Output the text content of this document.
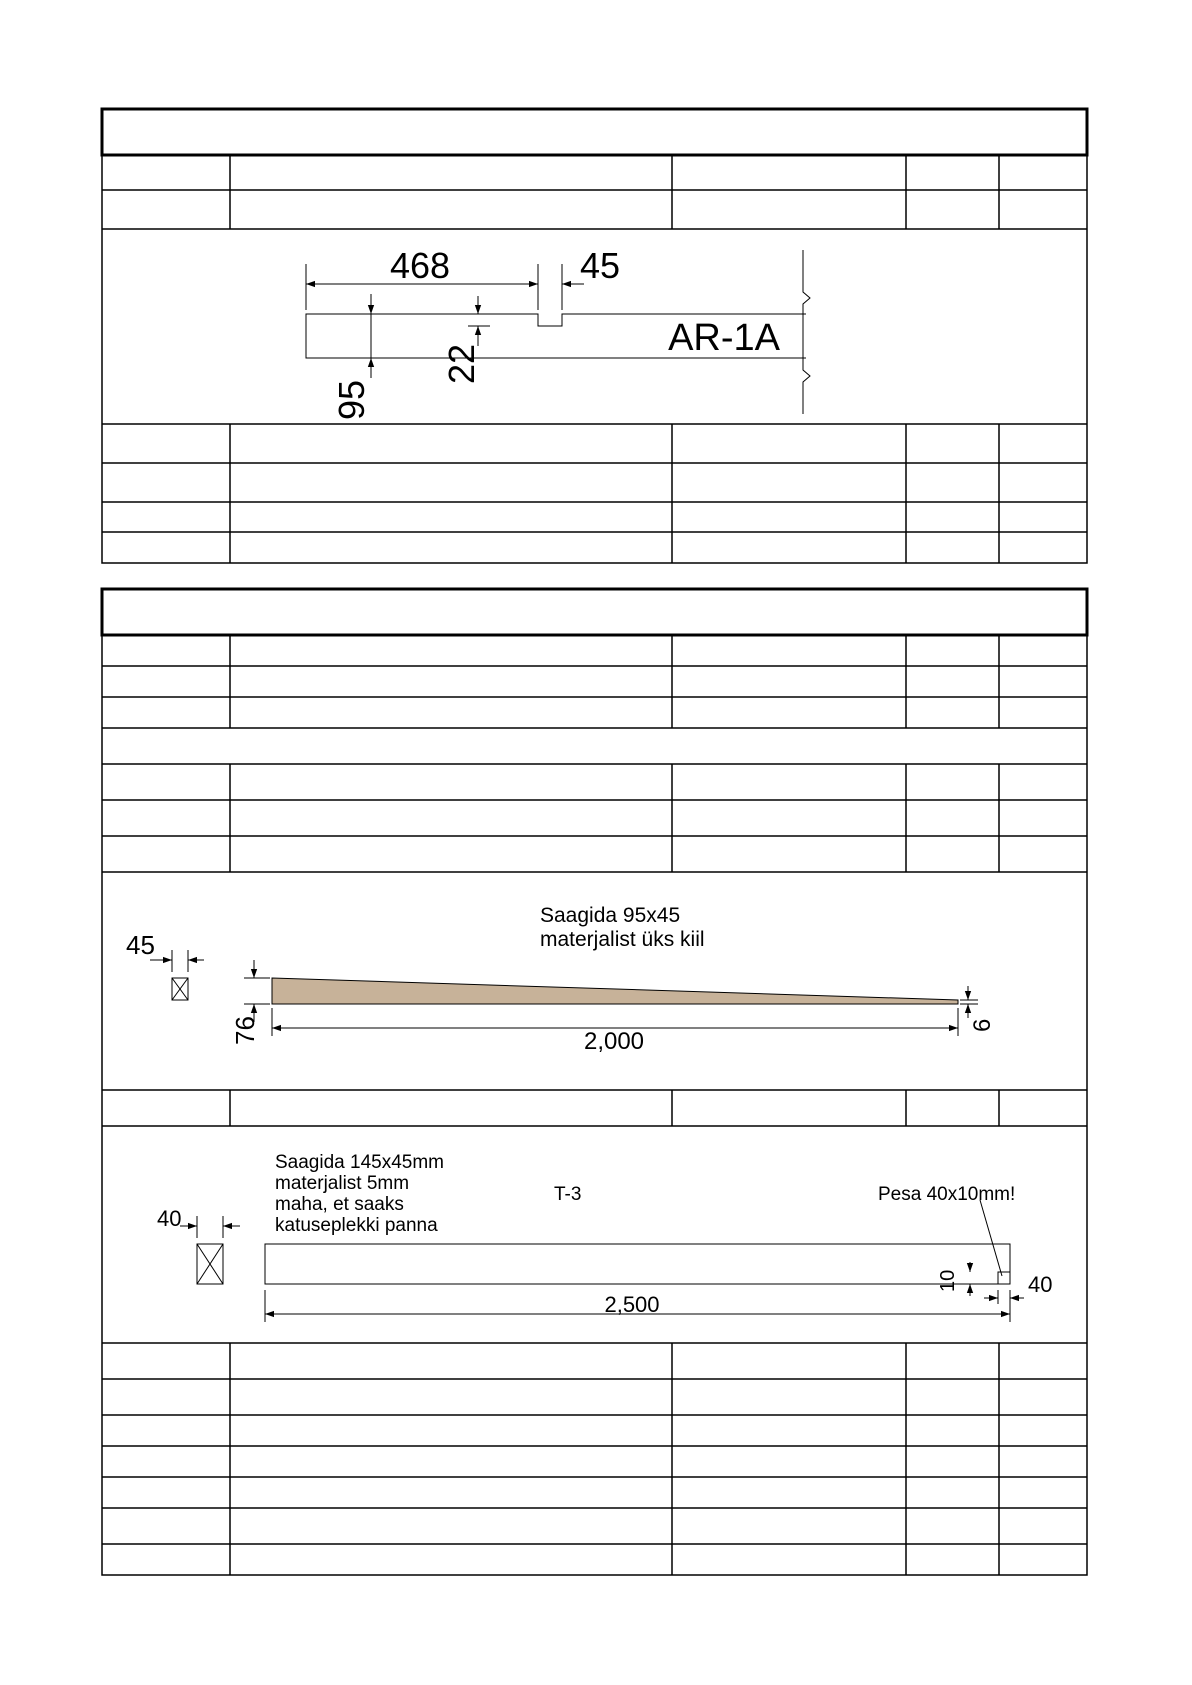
468	45
22
95
AR-1A
Saagida 95x45
materjalist üks kiil
45
76	2,000
6
Saagida 145x45mm
materjalist 5mm
maha, et saaks
katuseplekki panna
T-3	Pesa 40x10mm!
40
2,500
10	40
